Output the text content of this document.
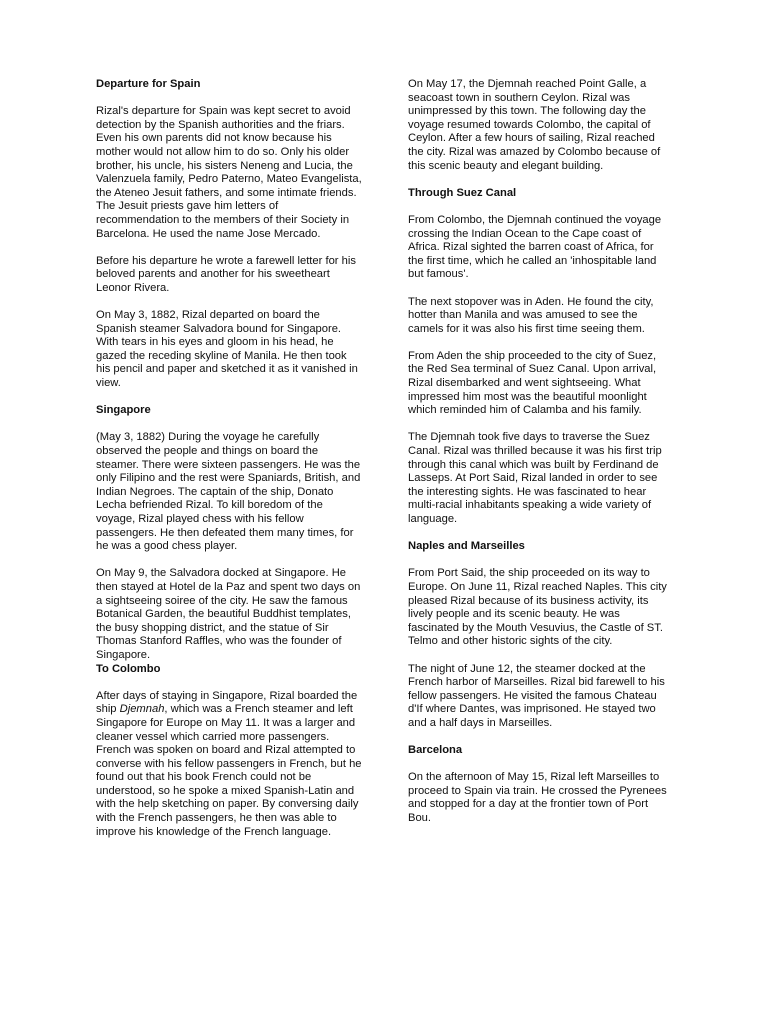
Departure for Spain

Rizal's departure for Spain was kept secret to avoid detection by the Spanish authorities and the friars. Even his own parents did not know because his mother would not allow him to do so. Only his older brother, his uncle, his sisters Neneng and Lucia, the Valenzuela family, Pedro Paterno, Mateo Evangelista, the Ateneo Jesuit fathers, and some intimate friends. The Jesuit priests gave him letters of recommendation to the members of their Society in Barcelona. He used the name Jose Mercado.

Before his departure he wrote a farewell letter for his beloved parents and another for his sweetheart Leonor Rivera.

On May 3, 1882, Rizal departed on board the Spanish steamer Salvadora bound for Singapore. With tears in his eyes and gloom in his head, he gazed the receding skyline of Manila. He then took his pencil and paper and sketched it as it vanished in view.

Singapore

(May 3, 1882) During the voyage he carefully observed the people and things on board the steamer. There were sixteen passengers. He was the only Filipino and the rest were Spaniards, British, and Indian Negroes. The captain of the ship, Donato Lecha befriended Rizal. To kill boredom of the voyage, Rizal played chess with his fellow passengers. He then defeated them many times, for he was a good chess player.

On May 9, the Salvadora docked at Singapore. He then stayed at Hotel de la Paz and spent two days on a sightseeing soiree of the city. He saw the famous Botanical Garden, the beautiful Buddhist templates, the busy shopping district, and the statue of Sir Thomas Stanford Raffles, who was the founder of Singapore.

To Colombo

After days of staying in Singapore, Rizal boarded the ship Djemnah, which was a French steamer and left Singapore for Europe on May 11. It was a larger and cleaner vessel which carried more passengers. French was spoken on board and Rizal attempted to converse with his fellow passengers in French, but he found out that his book French could not be understood, so he spoke a mixed Spanish-Latin and with the help sketching on paper. By conversing daily with the French passengers, he then was able to improve his knowledge of the French language.

On May 17, the Djemnah reached Point Galle, a seacoast town in southern Ceylon. Rizal was unimpressed by this town. The following day the voyage resumed towards Colombo, the capital of Ceylon. After a few hours of sailing, Rizal reached the city. Rizal was amazed by Colombo because of this scenic beauty and elegant building.

Through Suez Canal

From Colombo, the Djemnah continued the voyage crossing the Indian Ocean to the Cape coast of Africa. Rizal sighted the barren coast of Africa, for the first time, which he called an 'inhospitable land but famous'.

The next stopover was in Aden. He found the city, hotter than Manila and was amused to see the camels for it was also his first time seeing them.

From Aden the ship proceeded to the city of Suez, the Red Sea terminal of Suez Canal. Upon arrival, Rizal disembarked and went sightseeing. What impressed him most was the beautiful moonlight which reminded him of Calamba and his family.

The Djemnah took five days to traverse the Suez Canal. Rizal was thrilled because it was his first trip through this canal which was built by Ferdinand de Lasseps. At Port Said, Rizal landed in order to see the interesting sights. He was fascinated to hear multi-racial inhabitants speaking a wide variety of language.

Naples and Marseilles

From Port Said, the ship proceeded on its way to Europe. On June 11, Rizal reached Naples. This city pleased Rizal because of its business activity, its lively people and its scenic beauty. He was fascinated by the Mouth Vesuvius, the Castle of ST. Telmo and other historic sights of the city.

The night of June 12, the steamer docked at the French harbor of Marseilles. Rizal bid farewell to his fellow passengers. He visited the famous Chateau d'If where Dantes, was imprisoned. He stayed two and a half days in Marseilles.

Barcelona

On the afternoon of May 15, Rizal left Marseilles to proceed to Spain via train. He crossed the Pyrenees and stopped for a day at the frontier town of Port Bou.
